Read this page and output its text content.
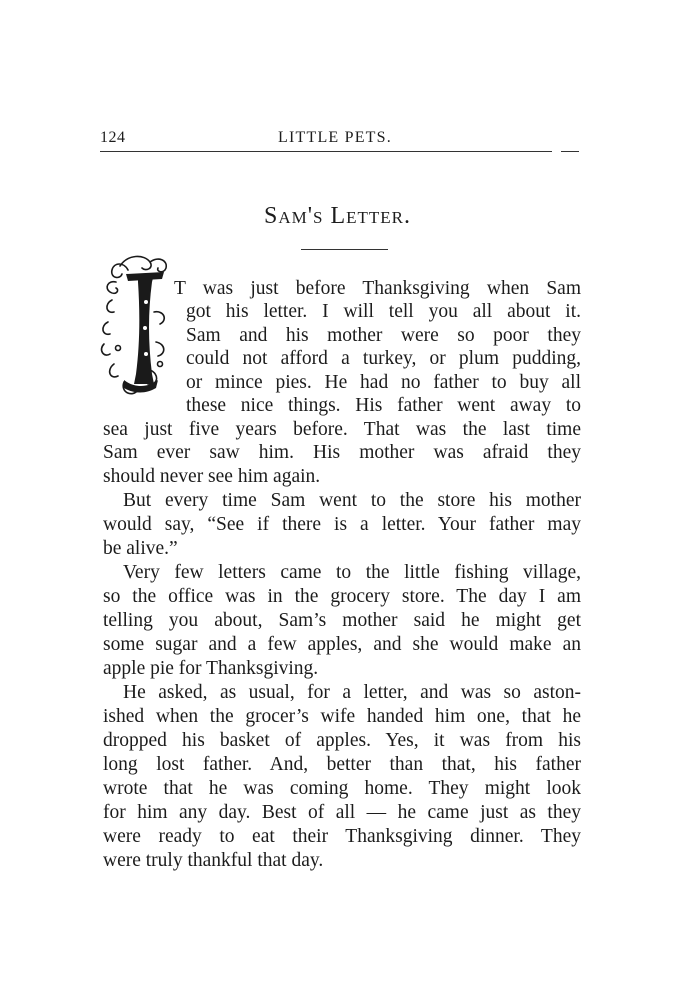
124	LITTLE PETS.
Sam's Letter.
T was just before Thanksgiving when Sam
got his letter. I will tell you all about it.
Sam and his mother were so poor they
could not afford a turkey, or plum pudding,
or mince pies. He had no father to buy all
these nice things. His father went away to
sea just five years before. That was the last time
Sam ever saw him. His mother was afraid they
should never see him again.
But every time Sam went to the store his mother
would say, “See if there is a letter. Your father may
be alive.”
Very few letters came to the little fishing village,
so the office was in the grocery store. The day I am
telling you about, Sam’s mother said he might get
some sugar and a few apples, and she would make an
apple pie for Thanksgiving.
He asked, as usual, for a letter, and was so aston-
ished when the grocer’s wife handed him one, that he
dropped his basket of apples. Yes, it was from his
long lost father. And, better than that, his father
wrote that he was coming home. They might look
for him any day. Best of all — he came just as they
were ready to eat their Thanksgiving dinner. They
were truly thankful that day.
